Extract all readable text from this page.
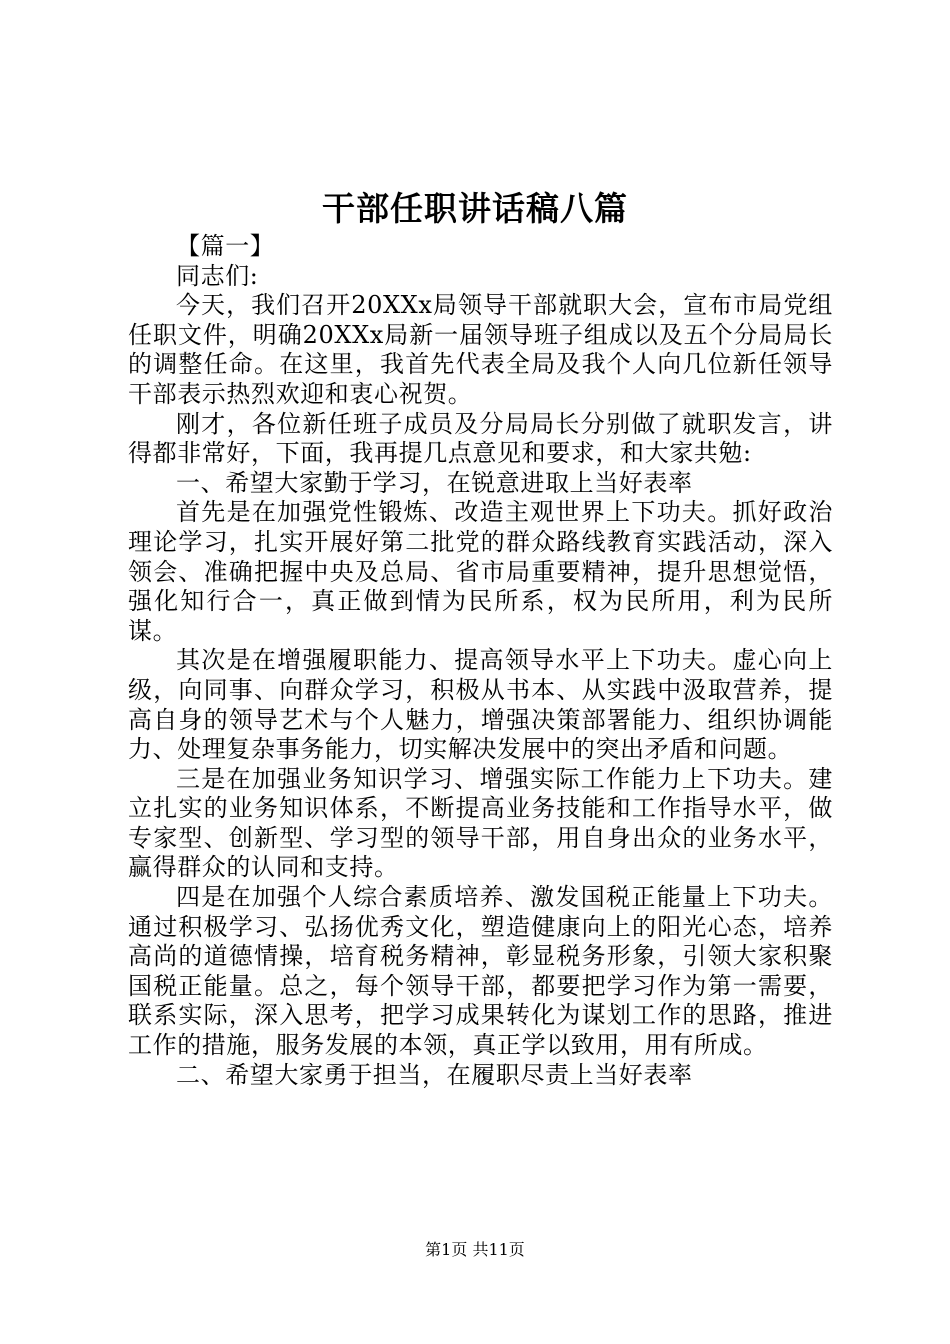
干部任职讲话稿八篇

【篇一】

同志们:

今天，我们召开20XXx局领导干部就职大会，宣布市局党组任职文件，明确20XXx局新一届领导班子组成以及五个分局局长的调整任命。在这里，我首先代表全局及我个人向几位新任领导干部表示热烈欢迎和衷心祝贺。

刚才，各位新任班子成员及分局局长分别做了就职发言，讲得都非常好，下面，我再提几点意见和要求，和大家共勉:

一、希望大家勤于学习，在锐意进取上当好表率

首先是在加强党性锻炼、改造主观世界上下功夫。抓好政治理论学习，扎实开展好第二批党的群众路线教育实践活动，深入领会、准确把握中央及总局、省市局重要精神，提升思想觉悟，强化知行合一，真正做到情为民所系，权为民所用，利为民所谋。

其次是在增强履职能力、提高领导水平上下功夫。虚心向上级，向同事、向群众学习，积极从书本、从实践中汲取营养，提高自身的领导艺术与个人魅力，增强决策部署能力、组织协调能力、处理复杂事务能力，切实解决发展中的突出矛盾和问题。

三是在加强业务知识学习、增强实际工作能力上下功夫。建立扎实的业务知识体系，不断提高业务技能和工作指导水平，做专家型、创新型、学习型的领导干部，用自身出众的业务水平，赢得群众的认同和支持。

四是在加强个人综合素质培养、激发国税正能量上下功夫。通过积极学习、弘扬优秀文化，塑造健康向上的阳光心态，培养高尚的道德情操，培育税务精神，彰显税务形象，引领大家积聚国税正能量。总之，每个领导干部，都要把学习作为第一需要，联系实际，深入思考，把学习成果转化为谋划工作的思路，推进工作的措施，服务发展的本领，真正学以致用，用有所成。

二、希望大家勇于担当，在履职尽责上当好表率

第1页 共11页
